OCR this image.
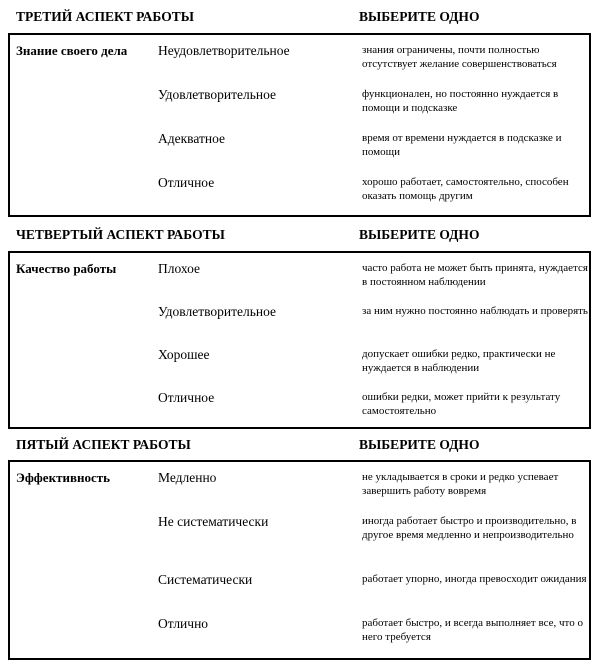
ТРЕТИЙ АСПЕКТ РАБОТЫ	ВЫБЕРИТЕ ОДНО
Знание своего дела	Неудовлетворительное	знания ограничены, почти полностью отсутствует желание совершенствоваться
Удовлетворительное	функционален, но постоянно нуждается в помощи и подсказке
Адекватное	время от времени нуждается в подсказке и помощи
Отличное	хорошо работает, самостоятельно, способен оказать помощь другим
ЧЕТВЕРТЫЙ АСПЕКТ РАБОТЫ	ВЫБЕРИТЕ ОДНО
Качество работы	Плохое	часто работа не может быть принята, нуждается в постоянном наблюдении
Удовлетворительное	за ним нужно постоянно наблюдать и проверять
Хорошее	допускает ошибки редко, практически не нуждается в наблюдении
Отличное	ошибки редки, может прийти к результату самостоятельно
ПЯТЫЙ АСПЕКТ РАБОТЫ	ВЫБЕРИТЕ ОДНО
Эффективность	Медленно	не укладывается в сроки и редко успевает завершить работу вовремя
Не систематически	иногда работает быстро и производительно, в другое время медленно и непроизводительно
Систематически	работает упорно, иногда превосходит ожидания
Отлично	работает быстро, и всегда выполняет все, что о него требуется
